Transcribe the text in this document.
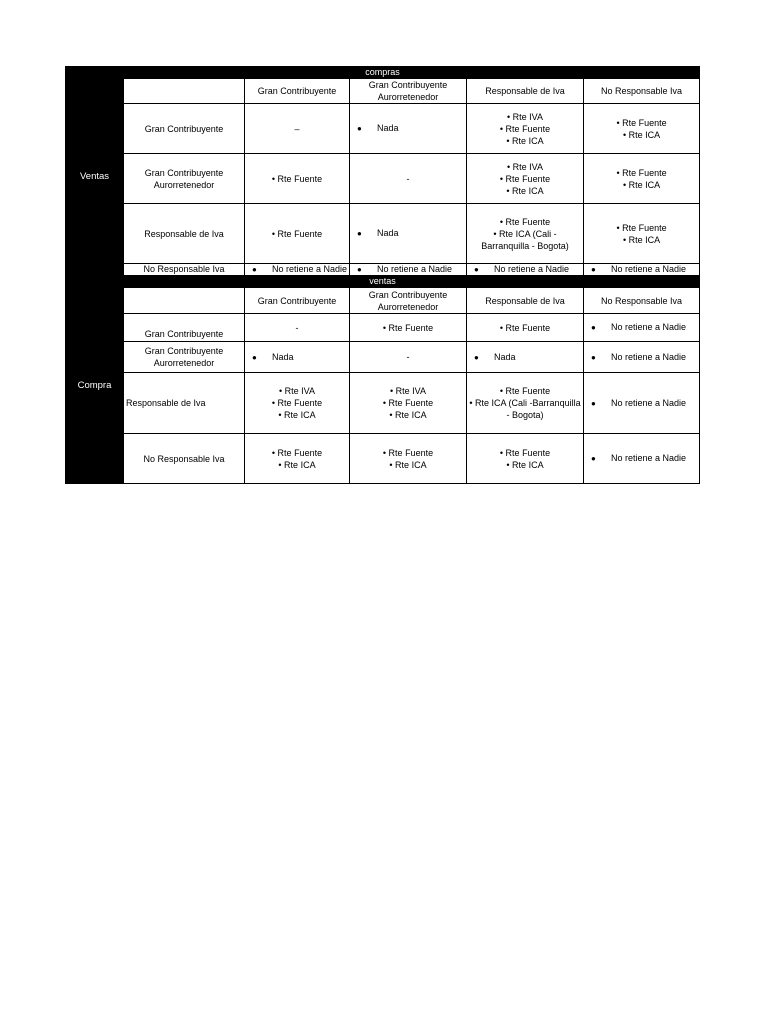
compras					
Ventas		Gran Contribuyente	Gran Contribuyente Aurorretenedor	Responsable de Iva	No Responsable Iva
	Gran Contribuyente	–	● Nada	• Rte IVA
• Rte Fuente
• Rte ICA	• Rte Fuente
• Rte ICA

	Gran Contribuyente Aurorretenedor	• Rte Fuente	-	• Rte IVA
• Rte Fuente
• Rte ICA	• Rte Fuente
• Rte ICA

	Responsable de Iva	• Rte Fuente	● Nada	• Rte Fuente
• Rte ICA (Cali -
Barranquilla - Bogota)	• Rte Fuente
• Rte ICA

	No Responsable Iva	● No retiene a Nadie	● No retiene a Nadie	● No retiene a Nadie	● No retiene a Nadie

ventas					
Compra		Gran Contribuyente	Gran Contribuyente Aurorretenedor	Responsable de Iva	No Responsable Iva
	Gran Contribuyente	-	• Rte Fuente	• Rte Fuente	● No retiene a Nadie

	Gran Contribuyente Aurorretenedor	● Nada	-	● Nada	● No retiene a Nadie

	Responsable de Iva	• Rte IVA
• Rte Fuente
• Rte ICA	• Rte IVA
• Rte Fuente
• Rte ICA	• Rte Fuente
• Rte ICA (Cali -Barranquilla
- Bogota)	● No retiene a Nadie

	No Responsable Iva	• Rte Fuente
• Rte ICA	• Rte Fuente
• Rte ICA	• Rte Fuente
• Rte ICA	● No retiene a Nadie
